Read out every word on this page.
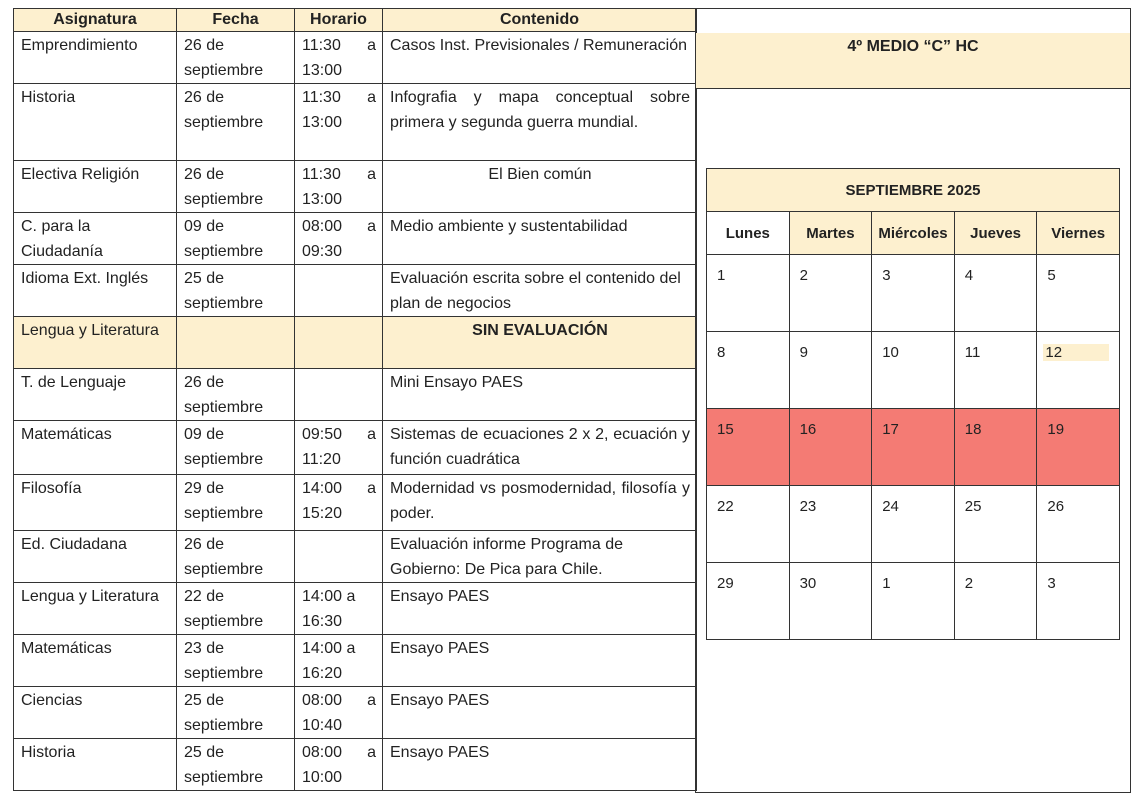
Asignatura	Fecha	Horario	Contenido
Emprendimiento	26 de septiembre	11:30 a 13:00	Casos Inst. Previsionales / Remuneración
Historia	26 de septiembre	11:30 a 13:00	Infografia y mapa conceptual sobre primera y segunda guerra mundial.
Electiva Religión	26 de septiembre	11:30 a 13:00	El Bien común
C. para la Ciudadanía	09 de septiembre	08:00 a 09:30	Medio ambiente y sustentabilidad
Idioma Ext. Inglés	25 de septiembre		Evaluación escrita sobre el contenido del plan de negocios
Lengua y Literatura			SIN EVALUACIÓN
T. de Lenguaje	26 de septiembre		Mini Ensayo PAES
Matemáticas	09 de septiembre	09:50 a 11:20	Sistemas de ecuaciones 2 x 2, ecuación y función cuadrática
Filosofía	29 de septiembre	14:00 a 15:20	Modernidad vs posmodernidad, filosofía y poder.
Ed. Ciudadana	26 de septiembre		Evaluación informe Programa de Gobierno: De Pica para Chile.
Lengua y Literatura	22 de septiembre	14:00 a 16:30	Ensayo PAES
Matemáticas	23 de septiembre	14:00 a 16:20	Ensayo PAES
Ciencias	25 de septiembre	08:00 a 10:40	Ensayo PAES
Historia	25 de septiembre	08:00 a 10:00	Ensayo PAES
4º MEDIO “C” HC
SEPTIEMBRE 2025				
Lunes	Martes	Miércoles	Jueves	Viernes
1	2	3	4	5
8	9	10	11	12
15	16	17	18	19
22	23	24	25	26
29	30	1	2	3
